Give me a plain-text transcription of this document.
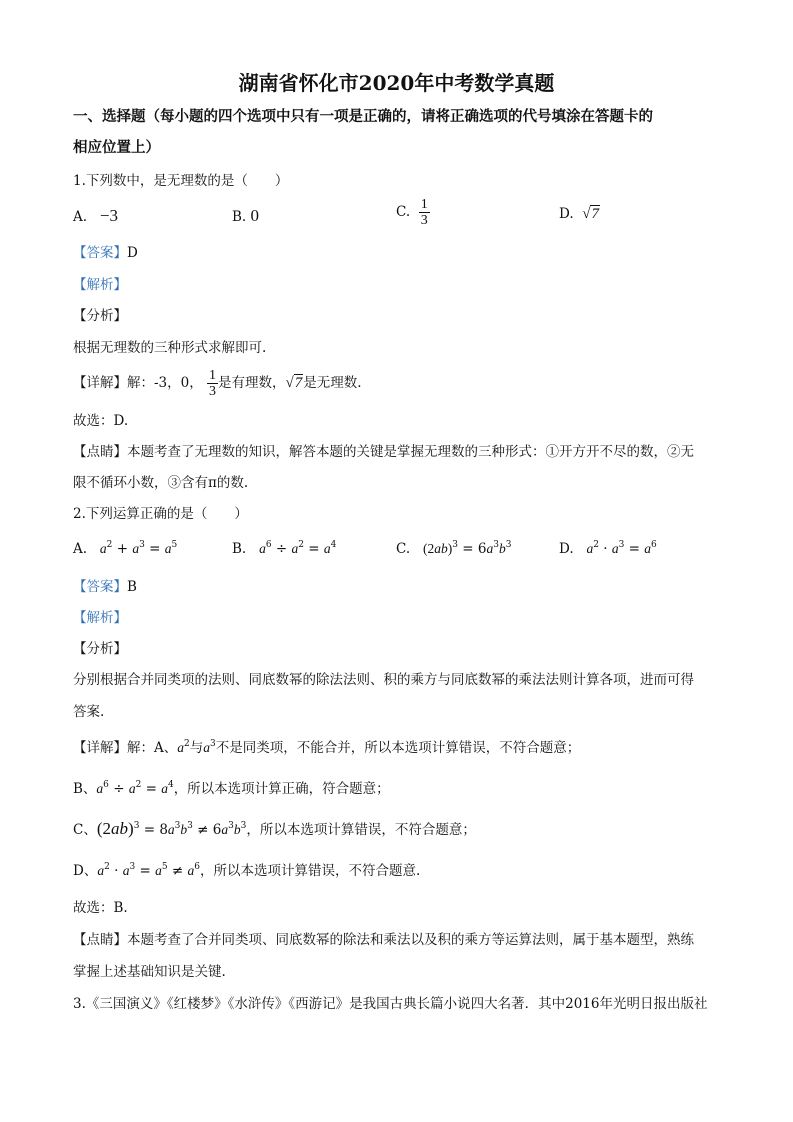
湖南省怀化市2020年中考数学真题
一、选择题（每小题的四个选项中只有一项是正确的，请将正确选项的代号填涂在答题卡的
相应位置上）
1.下列数中，是无理数的是（　　）
A. −3	B. 0	C. $\frac{1}{3}$	D. √7
【答案】D
【解析】
【分析】
根据无理数的三种形式求解即可.
【详解】解：-3，0， $\frac{1}{3}$ 是有理数，√7是无理数.
故选：D.
【点睛】本题考查了无理数的知识，解答本题的关键是掌握无理数的三种形式：①开方开不尽的数，②无
限不循环小数，③含有π的数.
2.下列运算正确的是（　　）
A. $a^2 + a^3 = a^5$	B. $a^6 \div a^2 = a^4$	C. $(2ab)^3 = 6a^3b^3$	D. $a^2 \cdot a^3 = a^6$
【答案】B
【解析】
【分析】
分别根据合并同类项的法则、同底数幂的除法法则、积的乘方与同底数幂的乘法法则计算各项，进而可得
答案.
【详解】解：A、$a^2$与$a^3$不是同类项，不能合并，所以本选项计算错误，不符合题意；
B、$a^6 \div a^2 = a^4$，所以本选项计算正确，符合题意；
C、$(2ab)^3 = 8a^3b^3 \ne 6a^3b^3$，所以本选项计算错误，不符合题意；
D、$a^2 \cdot a^3 = a^5 \ne a^6$，所以本选项计算错误，不符合题意.
故选：B.
【点睛】本题考查了合并同类项、同底数幂的除法和乘法以及积的乘方等运算法则，属于基本题型，熟练
掌握上述基础知识是关键.
3.《三国演义》《红楼梦》《水浒传》《西游记》是我国古典长篇小说四大名著．其中2016年光明日报出版社
